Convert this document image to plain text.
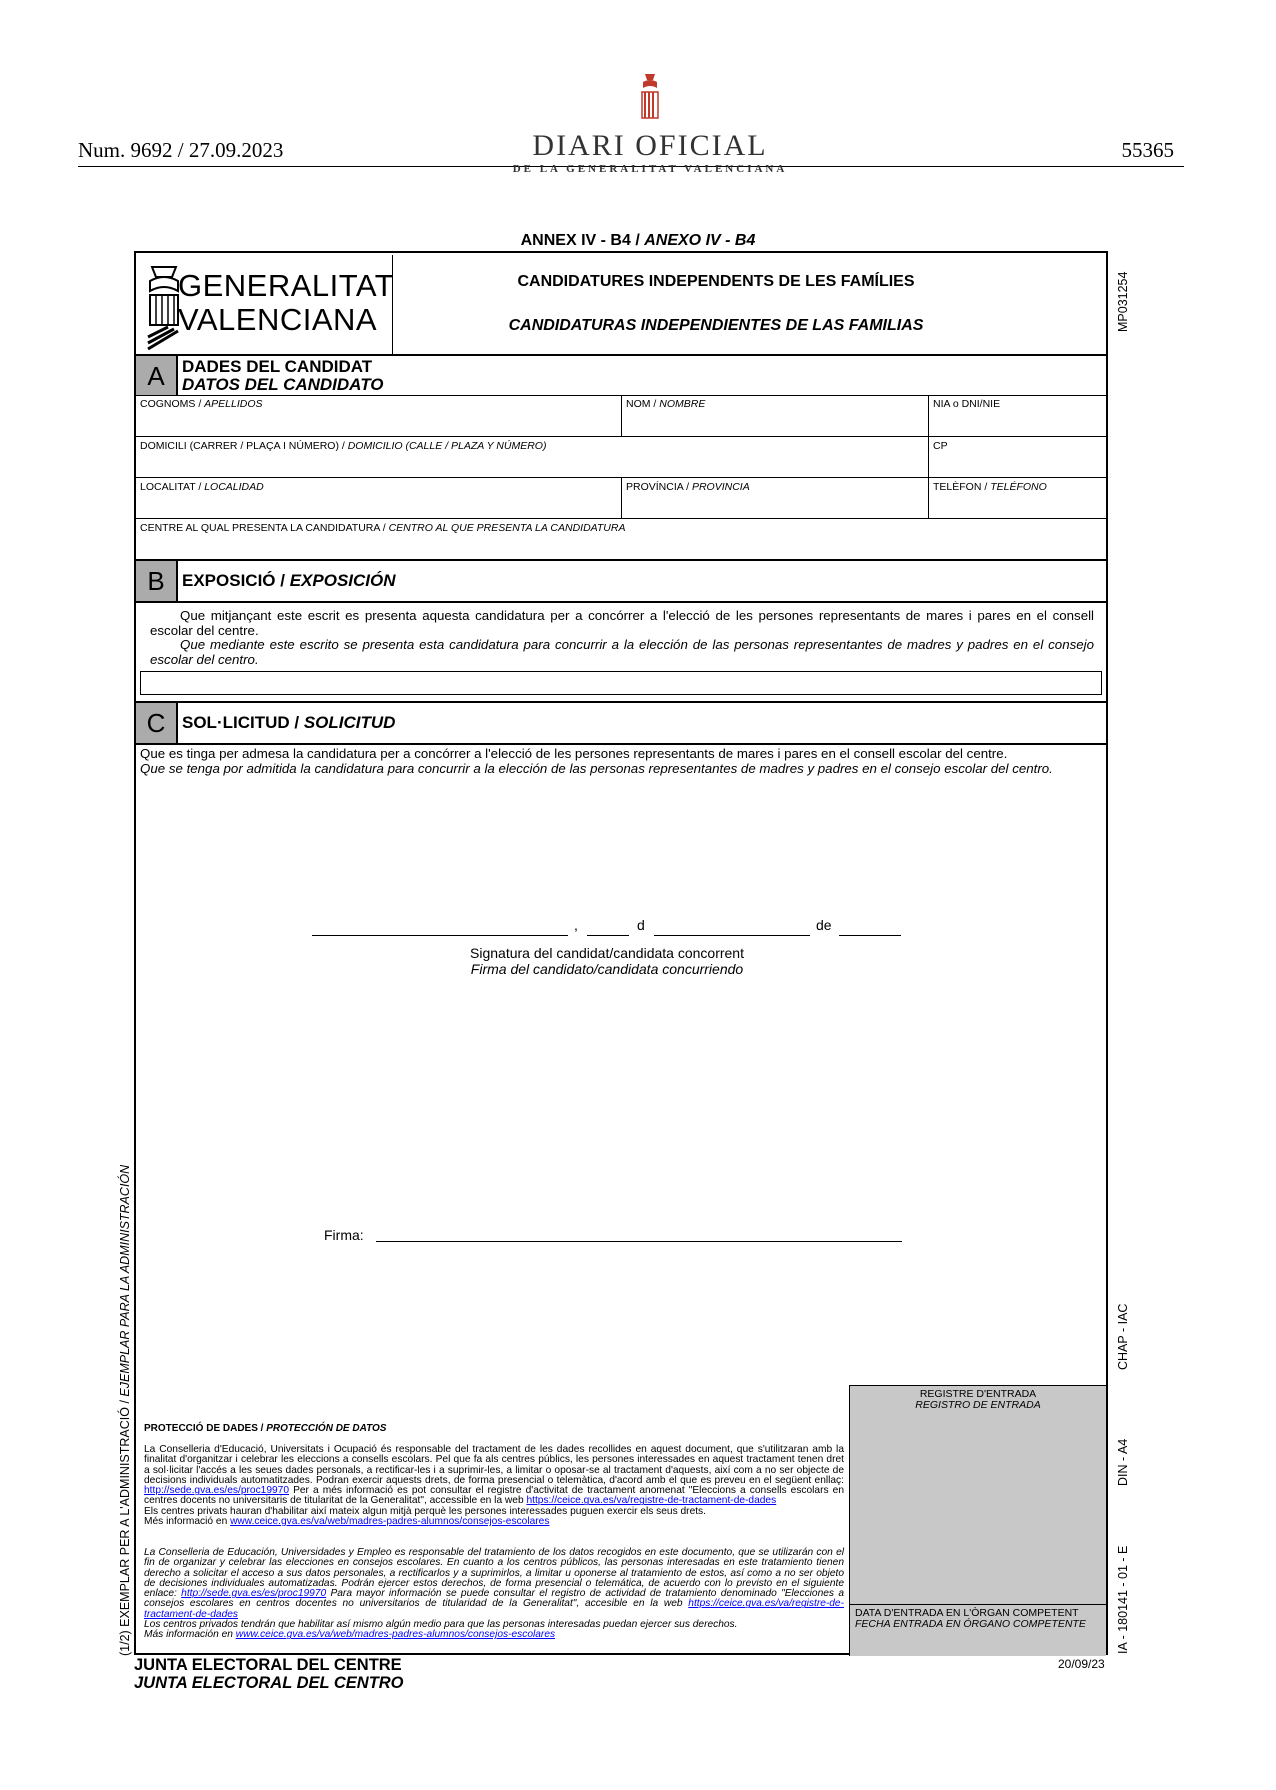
Num. 9692 / 27.09.2023	55365
DIARI OFICIAL
DE LA GENERALITAT VALENCIANA
ANNEX IV - B4 / ANEXO IV - B4
GENERALITAT
VALENCIANA
CANDIDATURES INDEPENDENTS DE LES FAMÍLIES
CANDIDATURAS INDEPENDIENTES DE LAS FAMILIAS
A	DADES DEL CANDIDAT
DATOS DEL CANDIDATO
COGNOMS / APELLIDOS	NOM / NOMBRE	NIA o DNI/NIE
DOMICILI (CARRER / PLAÇA I NÚMERO) / DOMICILIO (CALLE / PLAZA Y NÚMERO)	CP
LOCALITAT / LOCALIDAD	PROVÍNCIA / PROVINCIA	TELÈFON / TELÉFONO
CENTRE AL QUAL PRESENTA LA CANDIDATURA / CENTRO AL QUE PRESENTA LA CANDIDATURA
B	EXPOSICIÓ / EXPOSICIÓN
Que mitjançant este escrit es presenta aquesta candidatura per a concórrer a l'elecció de les persones representants de mares i pares en el consell escolar del centre.
Que mediante este escrito se presenta esta candidatura para concurrir a la elección de las personas representantes de madres y padres en el consejo escolar del centro.
C SOL·LICITUD / SOLICITUD
Que es tinga per admesa la candidatura per a concórrer a l'elecció de les persones representants de mares i pares en el consell escolar del centre.
Que se tenga por admitida la candidatura para concurrir a la elección de las personas representantes de madres y padres en el consejo escolar del centro.
,	d	de
Signatura del candidat/candidata concorrent
Firma del candidato/candidata concurriendo
Firma:
PROTECCIÓ DE DADES / PROTECCIÓN DE DATOS
La Conselleria d'Educació, Universitats i Ocupació és responsable del tractament de les dades recollides en aquest document, que s'utilitzaran amb la finalitat d'organitzar i celebrar les eleccions a consells escolars. Pel que fa als centres públics, les persones interessades en aquest tractament tenen dret a sol·licitar l'accés a les seues dades personals, a rectificar-les i a suprimir-les, a limitar o oposar-se al tractament d'aquests, així com a no ser objecte de decisions individuals automatitzades. Podran exercir aquests drets, de forma presencial o telemàtica, d'acord amb el que es preveu en el següent enllaç: http://sede.gva.es/es/proc19970 Per a més informació es pot consultar el registre d'activitat de tractament anomenat "Eleccions a consells escolars en centres docents no universitaris de titularitat de la Generalitat", accessible en la web https://ceice.gva.es/va/registre-de-tractament-de-dades
Els centres privats hauran d'habilitar així mateix algun mitjà perquè les persones interessades puguen exercir els seus drets.
Més informació en www.ceice.gva.es/va/web/madres-padres-alumnos/consejos-escolares
La Conselleria de Educación, Universidades y Empleo es responsable del tratamiento de los datos recogidos en este documento, que se utilizarán con el fin de organizar y celebrar las elecciones en consejos escolares. En cuanto a los centros públicos, las personas interesadas en este tratamiento tienen derecho a solicitar el acceso a sus datos personales, a rectificarlos y a suprimirlos, a limitar u oponerse al tratamiento de estos, así como a no ser objeto de decisiones individuales automatizadas. Podrán ejercer estos derechos, de forma presencial o telemática, de acuerdo con lo previsto en el siguiente enlace: http://sede.gva.es/es/proc19970 Para mayor información se puede consultar el registro de actividad de tratamiento denominado "Elecciones a consejos escolares en centros docentes no universitarios de titularidad de la Generalitat", accesible en la web https://ceice.gva.es/va/registre-de-tractament-de-dades
Los centros privados tendrán que habilitar así mismo algún medio para que las personas interesadas puedan ejercer sus derechos.
Más información en www.ceice.gva.es/va/web/madres-padres-alumnos/consejos-escolares
REGISTRE D'ENTRADA
REGISTRO DE ENTRADA
DATA D'ENTRADA EN L'ÒRGAN COMPETENT
FECHA ENTRADA EN ÓRGANO COMPETENTE
MP031254
JUNTA ELECTORAL DEL CENTRE
JUNTA ELECTORAL DEL CENTRO
20/09/23
(1/2) EXEMPLAR PER A L'ADMINISTRACIÓ / EJEMPLAR PARA LA ADMINISTRACIÓN	CHAP - IAC
DIN - A4
IA - 180141 - 01 - E
